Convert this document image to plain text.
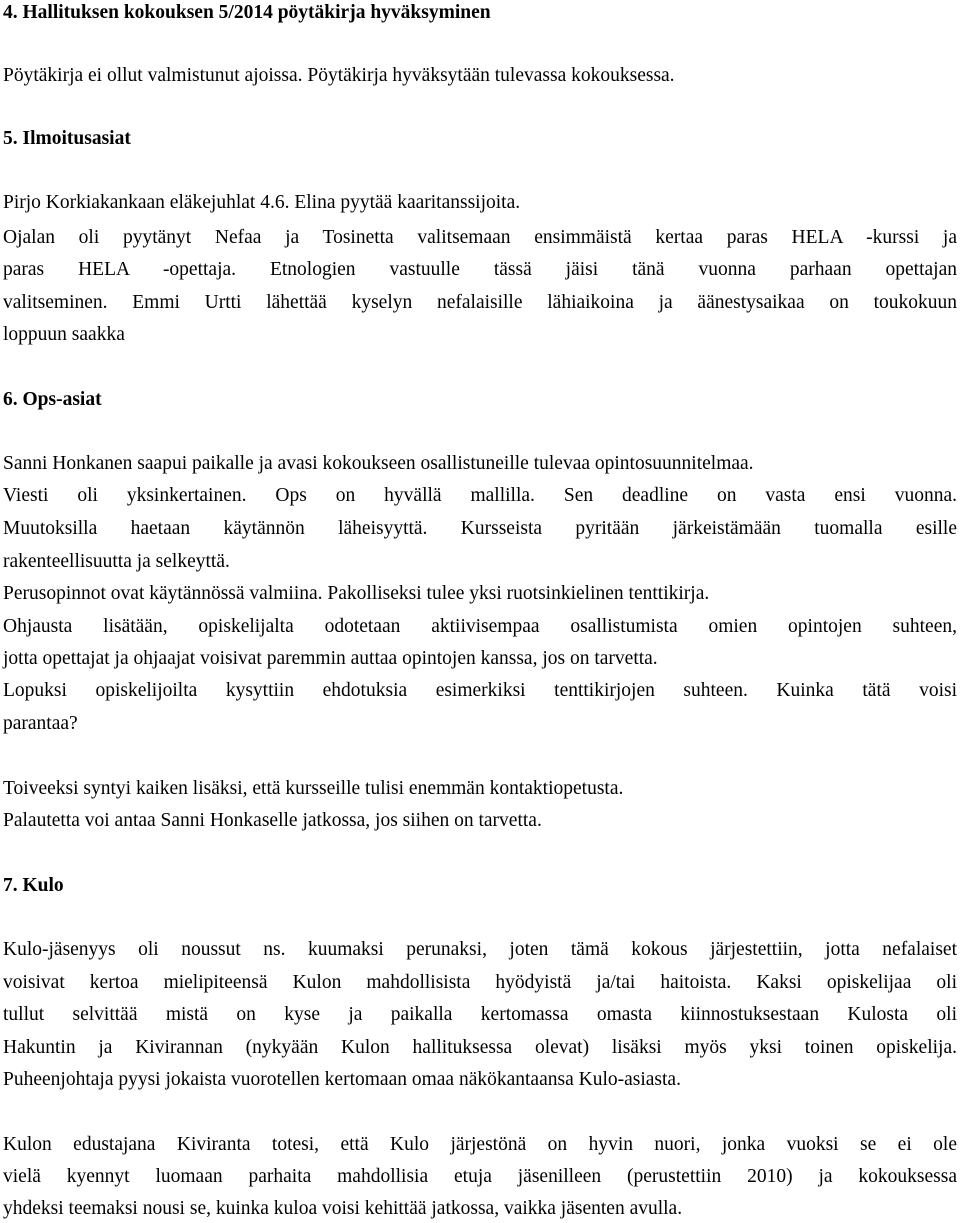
4. Hallituksen kokouksen 5/2014 pöytäkirja hyväksyminen
Pöytäkirja ei ollut valmistunut ajoissa. Pöytäkirja hyväksytään tulevassa kokouksessa.
5. Ilmoitusasiat
Pirjo Korkiakankaan eläkejuhlat 4.6. Elina pyytää kaaritanssijoita.
Ojalan oli pyytänyt Nefaa ja Tosinetta valitsemaan ensimmäistä kertaa paras HELA -kurssi ja
paras HELA -opettaja. Etnologien vastuulle tässä jäisi tänä vuonna parhaan opettajan
valitseminen. Emmi Urtti lähettää kyselyn nefalaisille lähiaikoina ja äänestysaikaa on toukokuun
loppuun saakka
6. Ops-asiat
Sanni Honkanen saapui paikalle ja avasi kokoukseen osallistuneille tulevaa opintosuunnitelmaa.
Viesti oli yksinkertainen. Ops on hyvällä mallilla. Sen deadline on vasta ensi vuonna.
Muutoksilla haetaan käytännön läheisyyttä. Kursseista pyritään järkeistämään tuomalla esille
rakenteellisuutta ja selkeyttä.
Perusopinnot ovat käytännössä valmiina. Pakolliseksi tulee yksi ruotsinkielinen tenttikirja.
Ohjausta lisätään, opiskelijalta odotetaan aktiivisempaa osallistumista omien opintojen suhteen,
jotta opettajat ja ohjaajat voisivat paremmin auttaa opintojen kanssa, jos on tarvetta.
Lopuksi opiskelijoilta kysyttiin ehdotuksia esimerkiksi tenttikirjojen suhteen. Kuinka tätä voisi
parantaa?
Toiveeksi syntyi kaiken lisäksi, että kursseille tulisi enemmän kontaktiopetusta.
Palautetta voi antaa Sanni Honkaselle jatkossa, jos siihen on tarvetta.
7. Kulo
Kulo-jäsenyys oli noussut ns. kuumaksi perunaksi, joten tämä kokous järjestettiin, jotta nefalaiset
voisivat kertoa mielipiteensä Kulon mahdollisista hyödyistä ja/tai haitoista. Kaksi opiskelijaa oli
tullut selvittää mistä on kyse ja paikalla kertomassa omasta kiinnostuksestaan Kulosta oli
Hakuntin ja Kivirannan (nykyään Kulon hallituksessa olevat) lisäksi myös yksi toinen opiskelija.
Puheenjohtaja pyysi jokaista vuorotellen kertomaan omaa näkökantaansa Kulo-asiasta.
Kulon edustajana Kiviranta totesi, että Kulo järjestönä on hyvin nuori, jonka vuoksi se ei ole
vielä kyennyt luomaan parhaita mahdollisia etuja jäsenilleen (perustettiin 2010) ja kokouksessa
yhdeksi teemaksi nousi se, kuinka kuloa voisi kehittää jatkossa, vaikka jäsenten avulla.
